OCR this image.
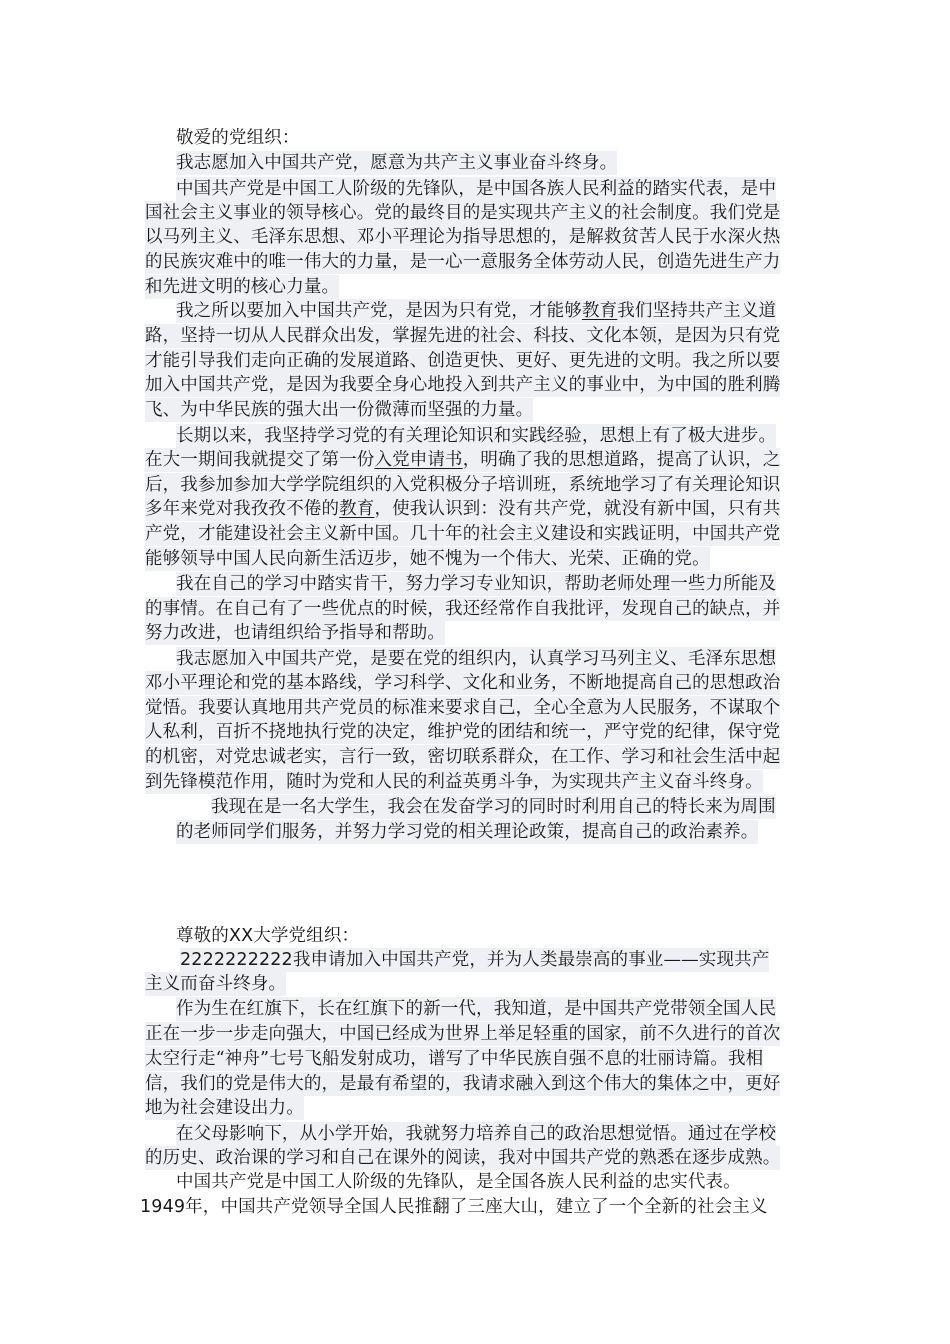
敬爱的党组织：
我志愿加入中国共产党，愿意为共产主义事业奋斗终身。
中国共产党是中国工人阶级的先锋队，是中国各族人民利益的踏实代表，是中
国社会主义事业的领导核心。党的最终目的是实现共产主义的社会制度。我们党是
以马列主义、毛泽东思想、邓小平理论为指导思想的，是解救贫苦人民于水深火热
的民族灾难中的唯一伟大的力量，是一心一意服务全体劳动人民，创造先进生产力
和先进文明的核心力量。
我之所以要加入中国共产党，是因为只有党，才能够教育我们坚持共产主义道
路，坚持一切从人民群众出发，掌握先进的社会、科技、文化本领，是因为只有党
才能引导我们走向正确的发展道路、创造更快、更好、更先进的文明。我之所以要
加入中国共产党，是因为我要全身心地投入到共产主义的事业中，为中国的胜利腾
飞、为中华民族的强大出一份微薄而坚强的力量。
长期以来，我坚持学习党的有关理论知识和实践经验，思想上有了极大进步。
在大一期间我就提交了第一份入党申请书，明确了我的思想道路，提高了认识，之
后，我参加参加大学学院组织的入党积极分子培训班，系统地学习了有关理论知识
多年来党对我孜孜不倦的教育，使我认识到：没有共产党，就没有新中国，只有共
产党，才能建设社会主义新中国。几十年的社会主义建设和实践证明，中国共产党
能够领导中国人民向新生活迈步，她不愧为一个伟大、光荣、正确的党。
我在自己的学习中踏实肯干，努力学习专业知识，帮助老师处理一些力所能及
的事情。在自己有了一些优点的时候，我还经常作自我批评，发现自己的缺点，并
努力改进，也请组织给予指导和帮助。
我志愿加入中国共产党，是要在党的组织内，认真学习马列主义、毛泽东思想
邓小平理论和党的基本路线，学习科学、文化和业务，不断地提高自己的思想政治
觉悟。我要认真地用共产党员的标准来要求自己，全心全意为人民服务，不谋取个
人私利，百折不挠地执行党的决定，维护党的团结和统一，严守党的纪律，保守党
的机密，对党忠诚老实，言行一致，密切联系群众，在工作、学习和社会生活中起
到先锋模范作用，随时为党和人民的利益英勇斗争，为实现共产主义奋斗终身。
我现在是一名大学生，我会在发奋学习的同时时利用自己的特长来为周围
的老师同学们服务，并努力学习党的相关理论政策，提高自己的政治素养。
尊敬的XX大学党组织：
2222222222我申请加入中国共产党，并为人类最崇高的事业——实现共产
主义而奋斗终身。
作为生在红旗下，长在红旗下的新一代，我知道，是中国共产党带领全国人民
正在一步一步走向强大，中国已经成为世界上举足轻重的国家，前不久进行的首次
太空行走“神舟”七号飞船发射成功，谱写了中华民族自强不息的壮丽诗篇。我相
信，我们的党是伟大的，是最有希望的，我请求融入到这个伟大的集体之中，更好
地为社会建设出力。
在父母影响下，从小学开始，我就努力培养自己的政治思想觉悟。通过在学校
的历史、政治课的学习和自己在课外的阅读，我对中国共产党的熟悉在逐步成熟。
中国共产党是中国工人阶级的先锋队，是全国各族人民利益的忠实代表。
1949年，中国共产党领导全国人民推翻了三座大山，建立了一个全新的社会主义
